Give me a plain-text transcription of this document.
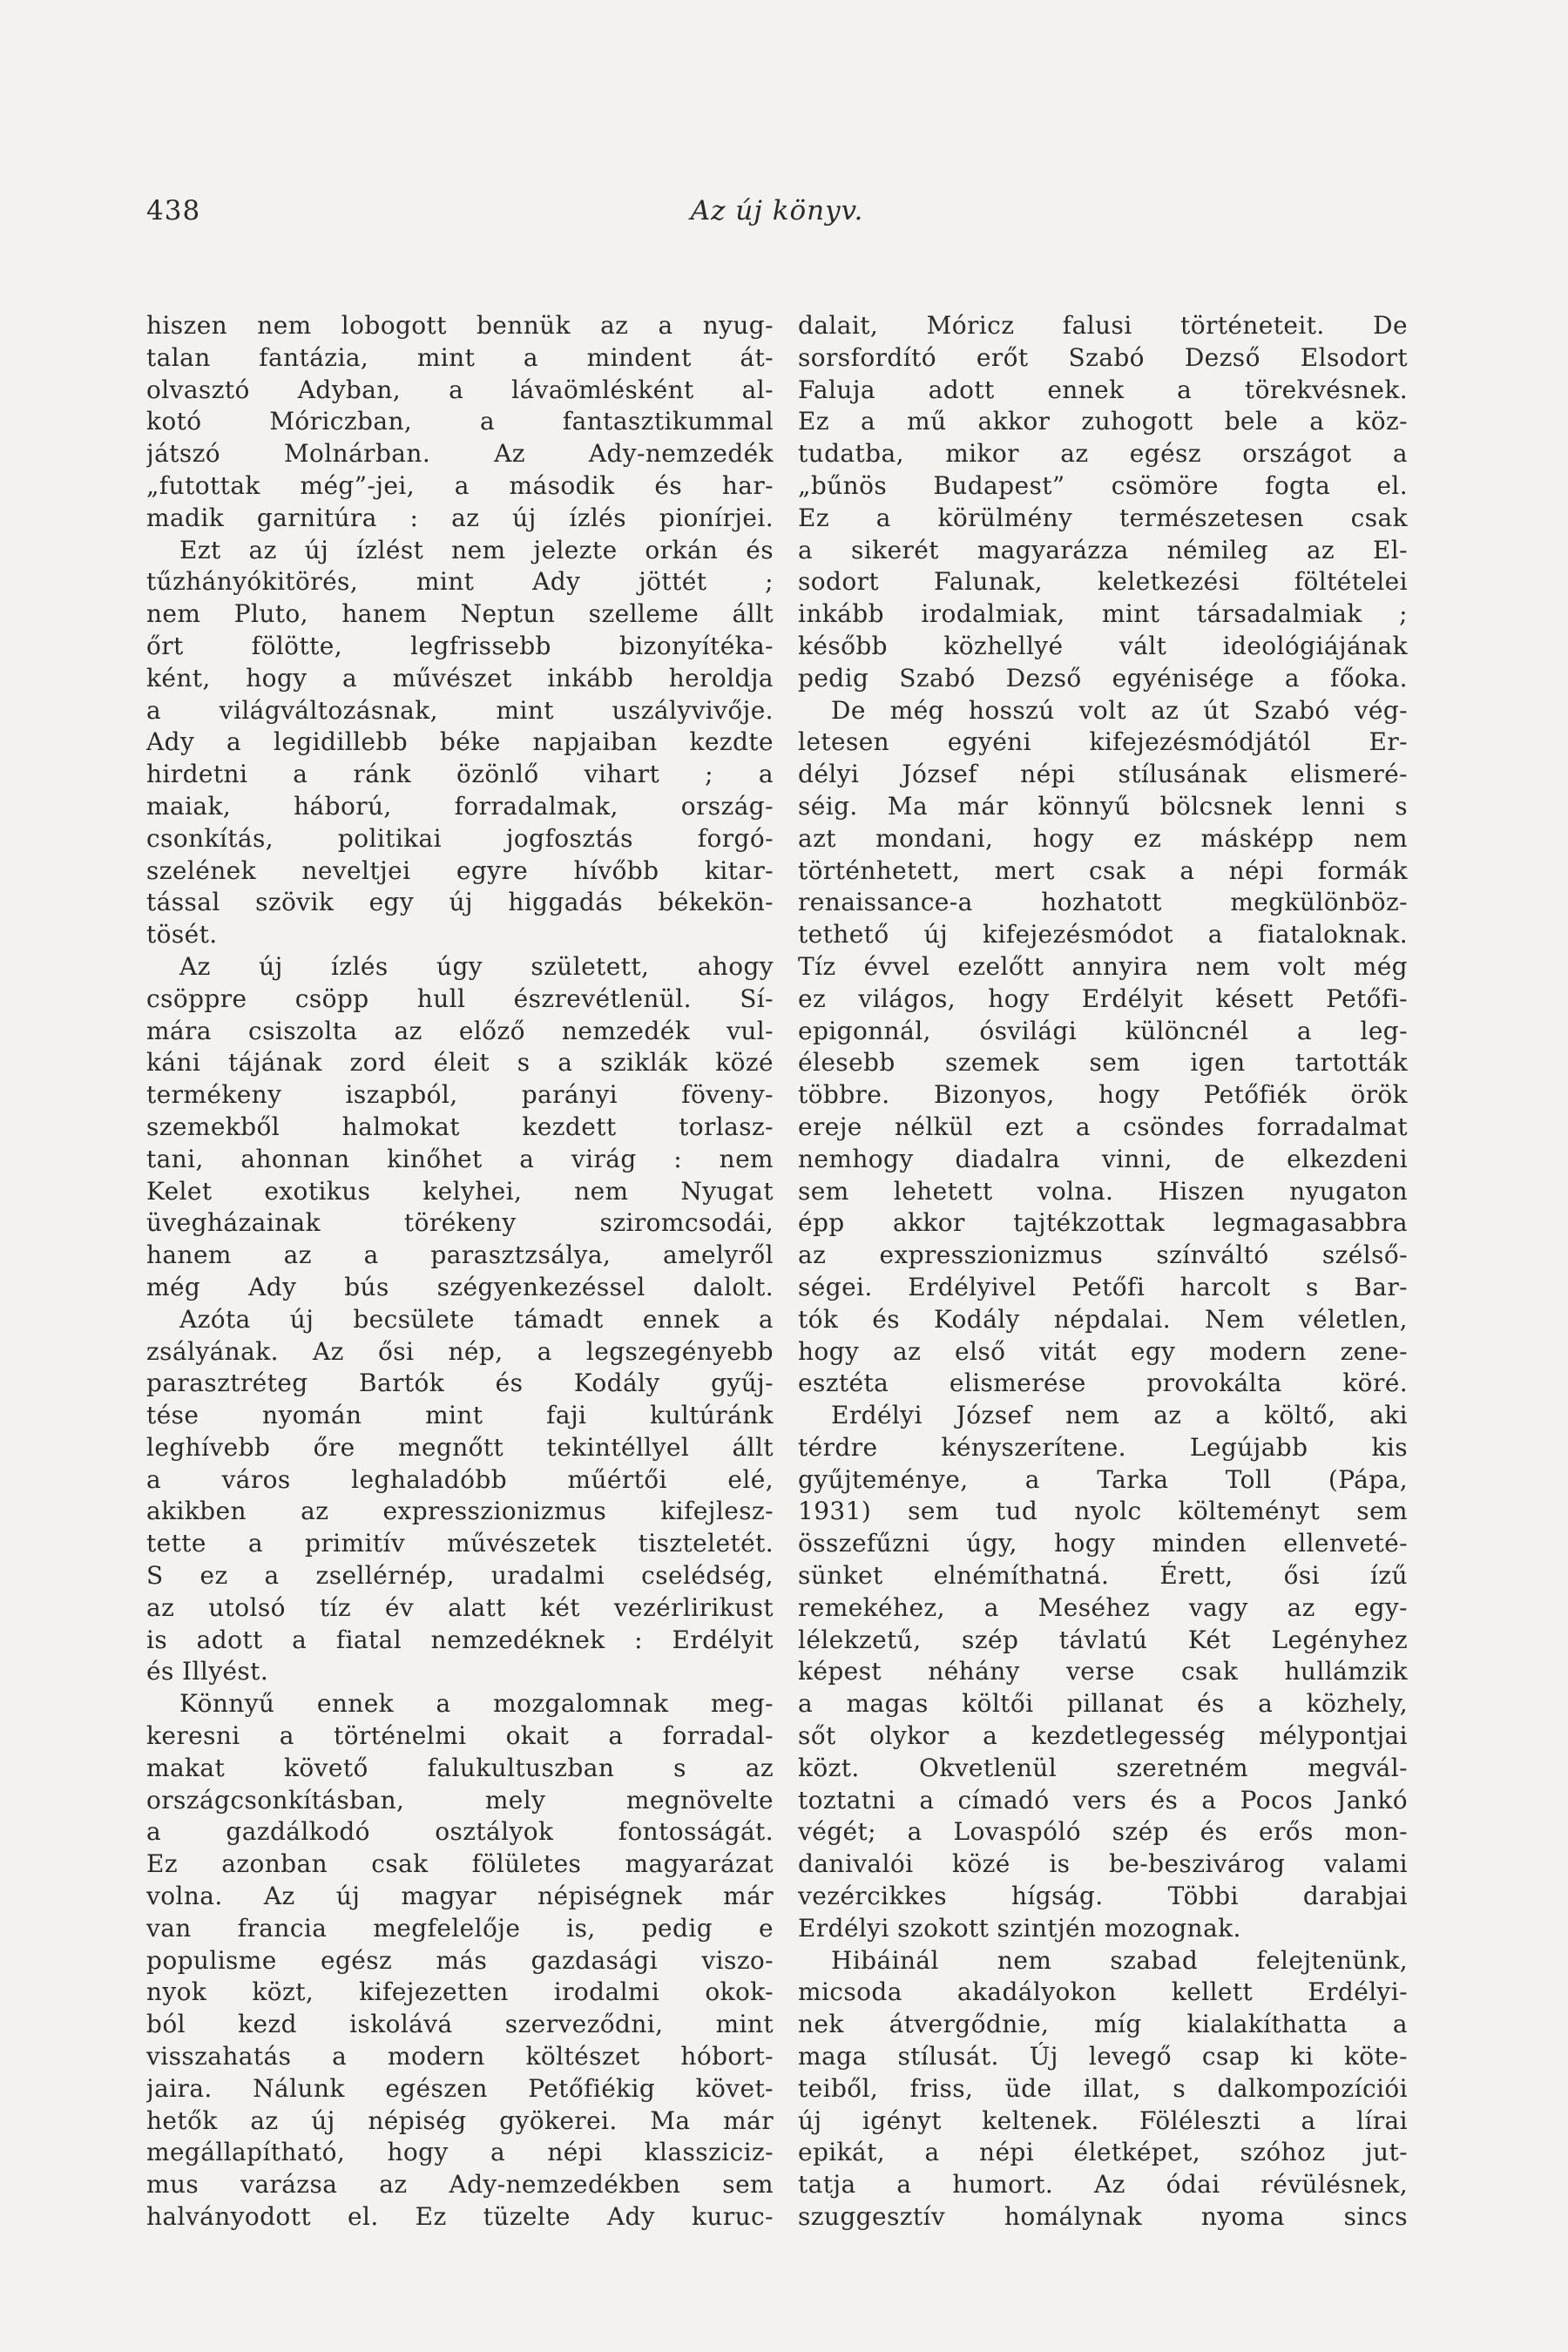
438	Az új könyv.
hiszen nem lobogott bennük az a nyug-
talan fantázia, mint a mindent át-
olvasztó Adyban, a lávaömlésként al-
kotó Móriczban, a fantasztikummal
játszó Molnárban. Az Ady-nemzedék
„futottak még”-jei, a második és har-
madik garnitúra : az új ízlés pionírjei.
Ezt az új ízlést nem jelezte orkán és
tűzhányókitörés, mint Ady jöttét ;
nem Pluto, hanem Neptun szelleme állt
őrt fölötte, legfrissebb bizonyítéka-
ként, hogy a művészet inkább heroldja
a világváltozásnak, mint uszályvivője.
Ady a legidillebb béke napjaiban kezdte
hirdetni a ránk özönlő vihart ; a
maiak, háború, forradalmak, ország-
csonkítás, politikai jogfosztás forgó-
szelének neveltjei egyre hívőbb kitar-
tással szövik egy új higgadás békekön-
tösét.
Az új ízlés úgy született, ahogy
csöppre csöpp hull észrevétlenül. Sí-
mára csiszolta az előző nemzedék vul-
káni tájának zord éleit s a sziklák közé
termékeny iszapból, parányi föveny-
szemekből halmokat kezdett torlasz-
tani, ahonnan kinőhet a virág : nem
Kelet exotikus kelyhei, nem Nyugat
üvegházainak törékeny sziromcsodái,
hanem az a parasztzsálya, amelyről
még Ady bús szégyenkezéssel dalolt.
Azóta új becsülete támadt ennek a
zsályának. Az ősi nép, a legszegényebb
parasztréteg Bartók és Kodály gyűj-
tése nyomán mint faji kultúránk
leghívebb őre megnőtt tekintéllyel állt
a város leghaladóbb műértői elé,
akikben az expresszionizmus kifejlesz-
tette a primitív művészetek tiszteletét.
S ez a zsellérnép, uradalmi cselédség,
az utolsó tíz év alatt két vezérlirikust
is adott a fiatal nemzedéknek : Erdélyit
és Illyést.
Könnyű ennek a mozgalomnak meg-
keresni a történelmi okait a forradal-
makat követő falukultuszban s az
országcsonkításban, mely megnövelte
a gazdálkodó osztályok fontosságát.
Ez azonban csak fölületes magyarázat
volna. Az új magyar népiségnek már
van francia megfelelője is, pedig e
populisme egész más gazdasági viszo-
nyok közt, kifejezetten irodalmi okok-
ból kezd iskolává szerveződni, mint
visszahatás a modern költészet hóbort-
jaira. Nálunk egészen Petőfiékig követ-
hetők az új népiség gyökerei. Ma már
megállapítható, hogy a népi klassziciz-
mus varázsa az Ady-nemzedékben sem
halványodott el. Ez tüzelte Ady kuruc-
dalait, Móricz falusi történeteit. De
sorsfordító erőt Szabó Dezső Elsodort
Faluja adott ennek a törekvésnek.
Ez a mű akkor zuhogott bele a köz-
tudatba, mikor az egész országot a
„bűnös Budapest” csömöre fogta el.
Ez a körülmény természetesen csak
a sikerét magyarázza némileg az El-
sodort Falunak, keletkezési föltételei
inkább irodalmiak, mint társadalmiak ;
később közhellyé vált ideológiájának
pedig Szabó Dezső egyénisége a főoka.
De még hosszú volt az út Szabó vég-
letesen egyéni kifejezésmódjától Er-
délyi József népi stílusának elismeré-
séig. Ma már könnyű bölcsnek lenni s
azt mondani, hogy ez másképp nem
történhetett, mert csak a népi formák
renaissance-a hozhatott megkülönböz-
tethető új kifejezésmódot a fiataloknak.
Tíz évvel ezelőtt annyira nem volt még
ez világos, hogy Erdélyit késett Petőfi-
epigonnál, ósvilági különcnél a leg-
élesebb szemek sem igen tartották
többre. Bizonyos, hogy Petőfiék örök
ereje nélkül ezt a csöndes forradalmat
nemhogy diadalra vinni, de elkezdeni
sem lehetett volna. Hiszen nyugaton
épp akkor tajtékzottak legmagasabbra
az expresszionizmus színváltó szélső-
ségei. Erdélyivel Petőfi harcolt s Bar-
tók és Kodály népdalai. Nem véletlen,
hogy az első vitát egy modern zene-
esztéta elismerése provokálta köré.
Erdélyi József nem az a költő, aki
térdre kényszerítene. Legújabb kis
gyűjteménye, a Tarka Toll (Pápa,
1931) sem tud nyolc költeményt sem
összefűzni úgy, hogy minden ellenveté-
sünket elnémíthatná. Érett, ősi ízű
remekéhez, a Meséhez vagy az egy-
lélekzetű, szép távlatú Két Legényhez
képest néhány verse csak hullámzik
a magas költői pillanat és a közhely,
sőt olykor a kezdetlegesség mélypontjai
közt. Okvetlenül szeretném megvál-
toztatni a címadó vers és a Pocos Jankó
végét; a Lovaspóló szép és erős mon-
danivalói közé is be-beszivárog valami
vezércikkes hígság. Többi darabjai
Erdélyi szokott szintjén mozognak.
Hibáinál nem szabad felejtenünk,
micsoda akadályokon kellett Erdélyi-
nek átvergődnie, míg kialakíthatta a
maga stílusát. Új levegő csap ki köte-
teiből, friss, üde illat, s dalkompozíciói
új igényt keltenek. Föléleszti a lírai
epikát, a népi életképet, szóhoz jut-
tatja a humort. Az ódai révülésnek,
szuggesztív homálynak nyoma sincs
